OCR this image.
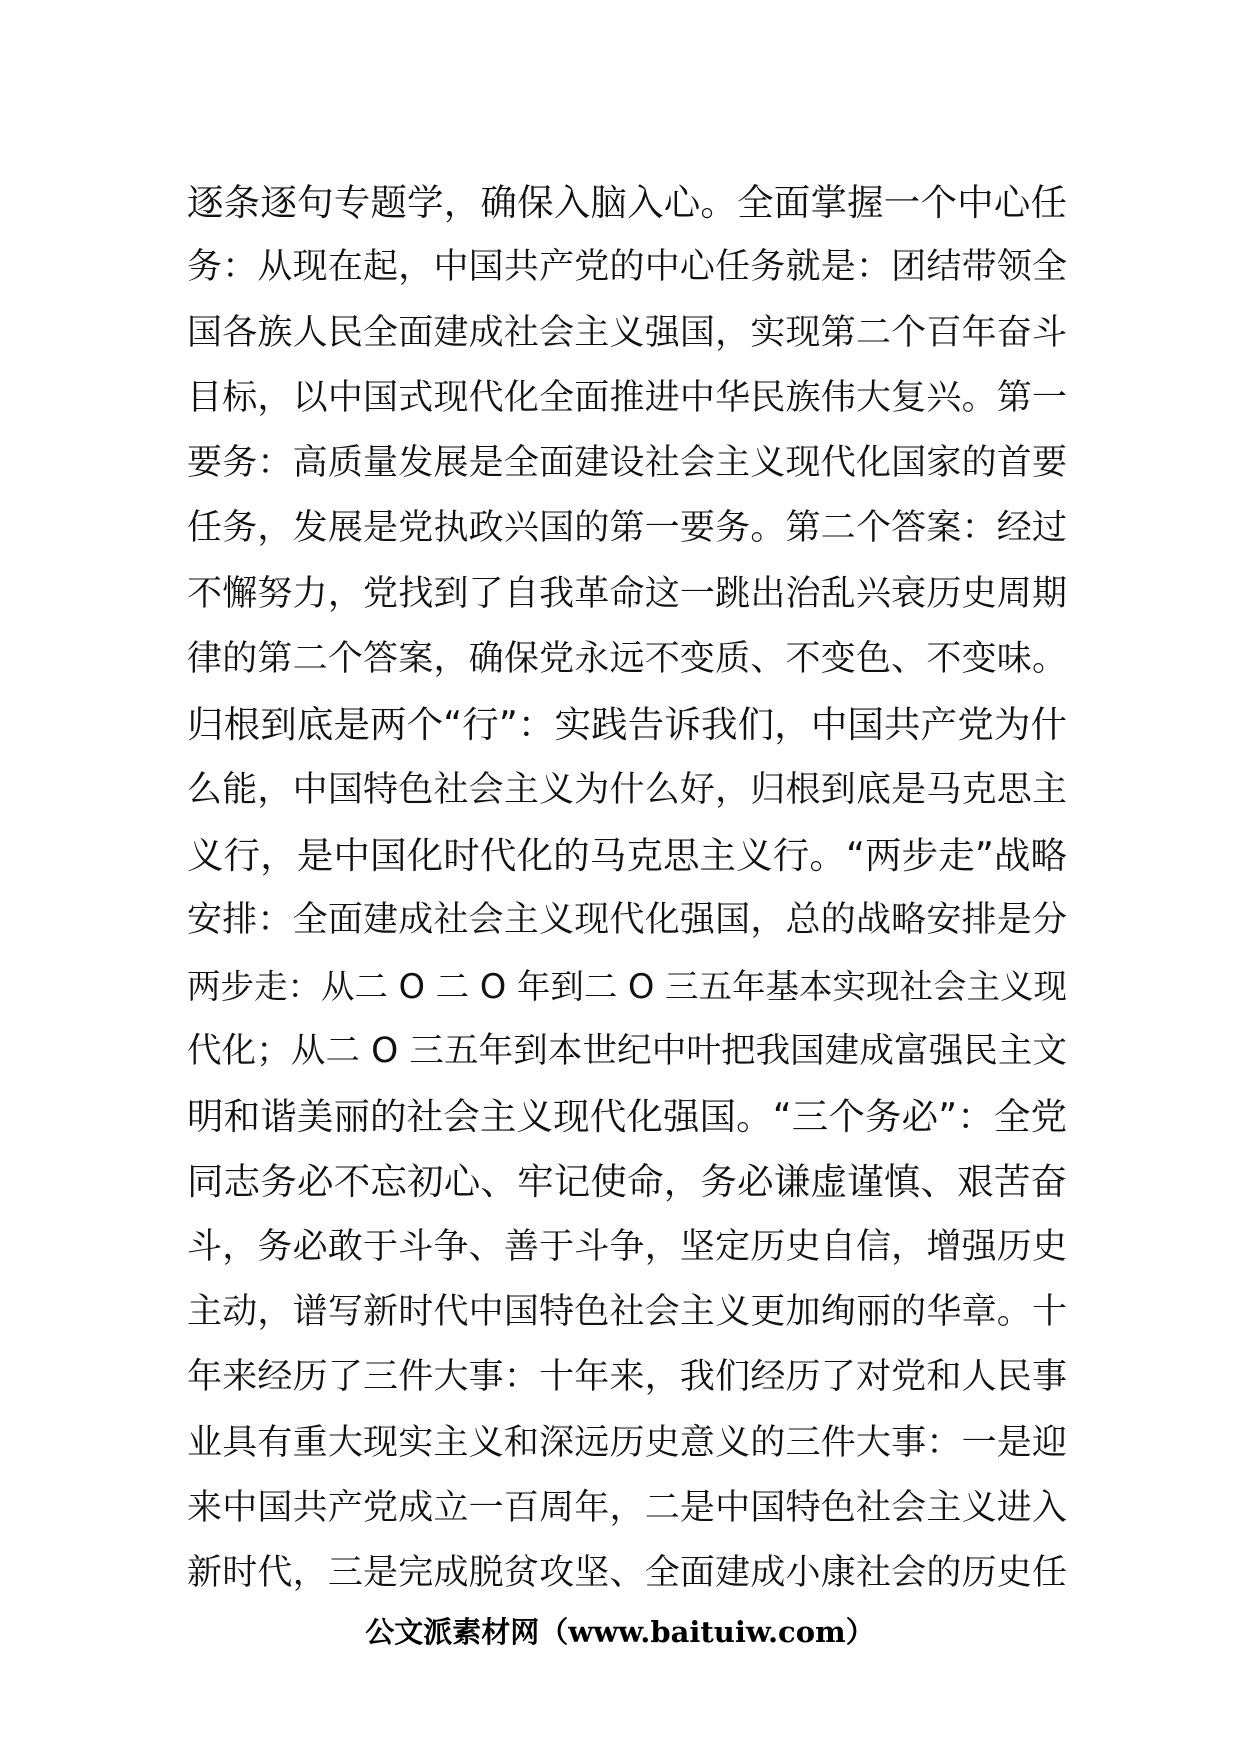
逐条逐句专题学，确保入脑入心。全面掌握一个中心任
务：从现在起，中国共产党的中心任务就是：团结带领全
国各族人民全面建成社会主义强国，实现第二个百年奋斗
目标，以中国式现代化全面推进中华民族伟大复兴。第一
要务：高质量发展是全面建设社会主义现代化国家的首要
任务，发展是党执政兴国的第一要务。第二个答案：经过
不懈努力，党找到了自我革命这一跳出治乱兴衰历史周期
律的第二个答案，确保党永远不变质、不变色、不变味。
归根到底是两个“行”：实践告诉我们，中国共产党为什
么能，中国特色社会主义为什么好，归根到底是马克思主
义行，是中国化时代化的马克思主义行。“两步走”战略
安排：全面建成社会主义现代化强国，总的战略安排是分
两步走：从二 O 二 O 年到二 O 三五年基本实现社会主义现
代化；从二 O 三五年到本世纪中叶把我国建成富强民主文
明和谐美丽的社会主义现代化强国。“三个务必”：全党
同志务必不忘初心、牢记使命，务必谦虚谨慎、艰苦奋
斗，务必敢于斗争、善于斗争，坚定历史自信，增强历史
主动，谱写新时代中国特色社会主义更加绚丽的华章。十
年来经历了三件大事：十年来，我们经历了对党和人民事
业具有重大现实主义和深远历史意义的三件大事：一是迎
来中国共产党成立一百周年，二是中国特色社会主义进入
新时代，三是完成脱贫攻坚、全面建成小康社会的历史任
公文派素材网（www.baituiw.com）
